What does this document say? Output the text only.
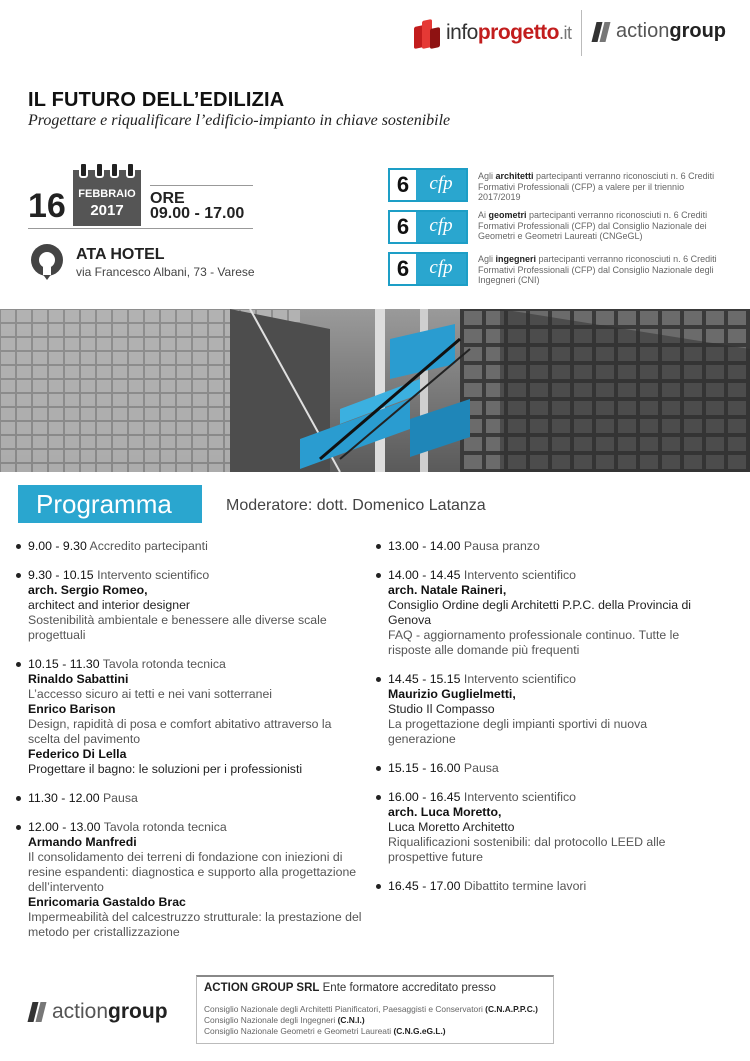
infoprogetto.it actiongroup
IL FUTURO DELL’EDILIZIA
Progettare e riqualificare l’edificio-impianto in chiave sostenibile
16	FEBBRAIO
2017
ORE
09.00 - 17.00
ATA HOTEL
via Francesco Albani, 73 - Varese
6	cfp	Agli architetti partecipanti verranno riconosciuti n. 6 Crediti Formativi Professionali (CFP) a valere per il triennio 2017/2019
6	cfp	Ai geometri partecipanti verranno riconosciuti n. 6 Crediti Formativi Professionali (CFP) dal Consiglio Nazionale dei Geometri e Geometri Laureati (CNGeGL)
6	cfp	Agli ingegneri partecipanti verranno riconosciuti n. 6 Crediti Formativi Professionali (CFP) dal Consiglio Nazionale degli Ingegneri (CNI)
Programma	Moderatore: dott. Domenico Latanza
9.00 - 9.30 Accredito partecipanti
9.30 - 10.15 Intervento scientifico
arch. Sergio Romeo,
architect and interior designer
Sostenibilità ambientale e benessere alle diverse scale progettuali
10.15 - 11.30 Tavola rotonda tecnica
Rinaldo Sabattini
L’accesso sicuro ai tetti e nei vani sotterranei
Enrico Barison
Design, rapidità di posa e comfort abitativo attraverso la scelta del pavimento
Federico Di Lella
Progettare il bagno: le soluzioni per i professionisti
11.30 - 12.00 Pausa
12.00 - 13.00 Tavola rotonda tecnica
Armando Manfredi
Il consolidamento dei terreni di fondazione con iniezioni di resine espandenti: diagnostica e supporto alla progettazione dell’intervento
Enricomaria Gastaldo Brac
Impermeabilità del calcestruzzo strutturale: la prestazione del metodo per cristallizzazione
13.00 - 14.00 Pausa pranzo
14.00 - 14.45 Intervento scientifico
arch. Natale Raineri,
Consiglio Ordine degli Architetti P.P.C. della Provincia di Genova
FAQ - aggiornamento professionale continuo. Tutte le risposte alle domande più frequenti
14.45 - 15.15 Intervento scientifico
Maurizio Guglielmetti,
Studio Il Compasso
La progettazione degli impianti sportivi di nuova generazione
15.15 - 16.00 Pausa
16.00 - 16.45 Intervento scientifico
arch. Luca Moretto,
Luca Moretto Architetto
Riqualificazioni sostenibili: dal protocollo LEED alle prospettive future
16.45 - 17.00 Dibattito termine lavori
actiongroup
ACTION GROUP SRL Ente formatore accreditato presso
Consiglio Nazionale degli Architetti Pianificatori, Paesaggisti e Conservatori (C.N.A.P.P.C.)
Consiglio Nazionale degli Ingegneri (C.N.I.)
Consiglio Nazionale Geometri e Geometri Laureati (C.N.G.eG.L.)
